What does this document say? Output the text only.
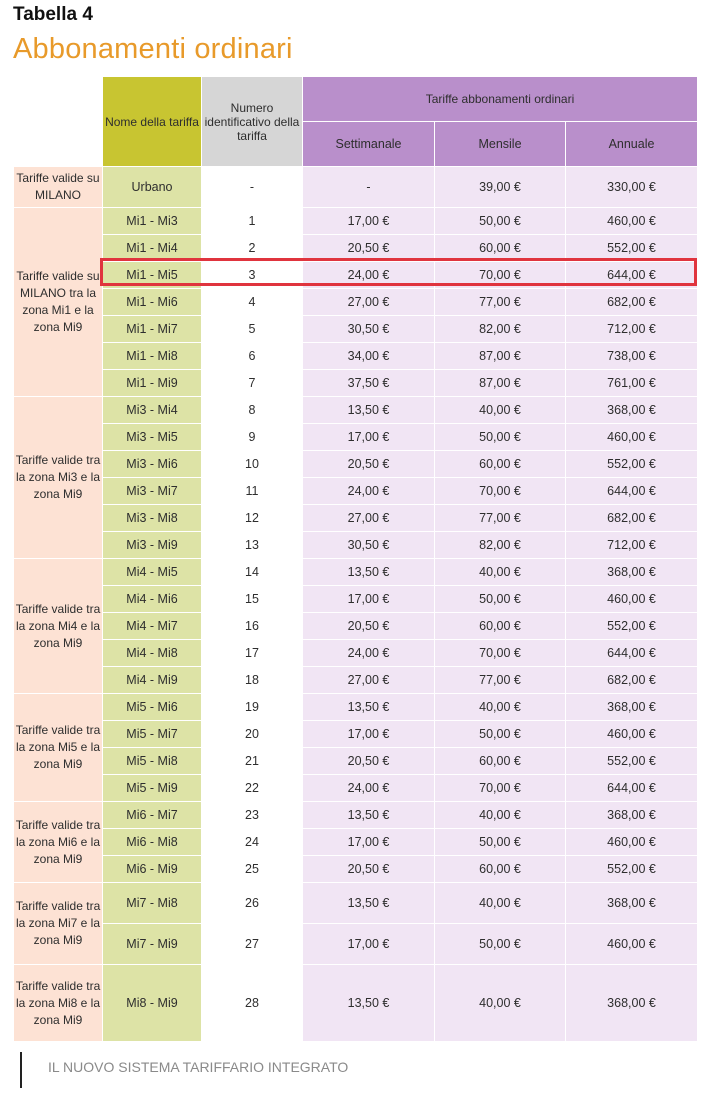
Tabella 4
Abbonamenti ordinari
	Nome della tariffa	Numero identificativo della tariffa	Tariffe abbonamenti ordinari		
			Settimanale	Mensile	Annuale
Tariffe valide su MILANO	Urbano	-	-	39,00 €	330,00 €
Tariffe valide su MILANO tra la zona Mi1 e la zona Mi9	Mi1 - Mi3	1	17,00 €	50,00 €	460,00 €
	Mi1 - Mi4	2	20,50 €	60,00 €	552,00 €
	Mi1 - Mi5	3	24,00 €	70,00 €	644,00 €
	Mi1 - Mi6	4	27,00 €	77,00 €	682,00 €
	Mi1 - Mi7	5	30,50 €	82,00 €	712,00 €
	Mi1 - Mi8	6	34,00 €	87,00 €	738,00 €
	Mi1 - Mi9	7	37,50 €	87,00 €	761,00 €
Tariffe valide tra la zona Mi3 e la zona Mi9	Mi3 - Mi4	8	13,50 €	40,00 €	368,00 €
	Mi3 - Mi5	9	17,00 €	50,00 €	460,00 €
	Mi3 - Mi6	10	20,50 €	60,00 €	552,00 €
	Mi3 - Mi7	11	24,00 €	70,00 €	644,00 €
	Mi3 - Mi8	12	27,00 €	77,00 €	682,00 €
	Mi3 - Mi9	13	30,50 €	82,00 €	712,00 €
Tariffe valide tra la zona Mi4 e la zona Mi9	Mi4 - Mi5	14	13,50 €	40,00 €	368,00 €
	Mi4 - Mi6	15	17,00 €	50,00 €	460,00 €
	Mi4 - Mi7	16	20,50 €	60,00 €	552,00 €
	Mi4 - Mi8	17	24,00 €	70,00 €	644,00 €
	Mi4 - Mi9	18	27,00 €	77,00 €	682,00 €
Tariffe valide tra la zona Mi5 e la zona Mi9	Mi5 - Mi6	19	13,50 €	40,00 €	368,00 €
	Mi5 - Mi7	20	17,00 €	50,00 €	460,00 €
	Mi5 - Mi8	21	20,50 €	60,00 €	552,00 €
	Mi5 - Mi9	22	24,00 €	70,00 €	644,00 €
Tariffe valide tra la zona Mi6 e la zona Mi9	Mi6 - Mi7	23	13,50 €	40,00 €	368,00 €
	Mi6 - Mi8	24	17,00 €	50,00 €	460,00 €
	Mi6 - Mi9	25	20,50 €	60,00 €	552,00 €
Tariffe valide tra la zona Mi7 e la zona Mi9	Mi7 - Mi8	26	13,50 €	40,00 €	368,00 €
	Mi7 - Mi9	27	17,00 €	50,00 €	460,00 €
Tariffe valide tra la zona Mi8 e la zona Mi9	Mi8 - Mi9	28	13,50 €	40,00 €	368,00 €
IL NUOVO SISTEMA TARIFFARIO INTEGRATO
